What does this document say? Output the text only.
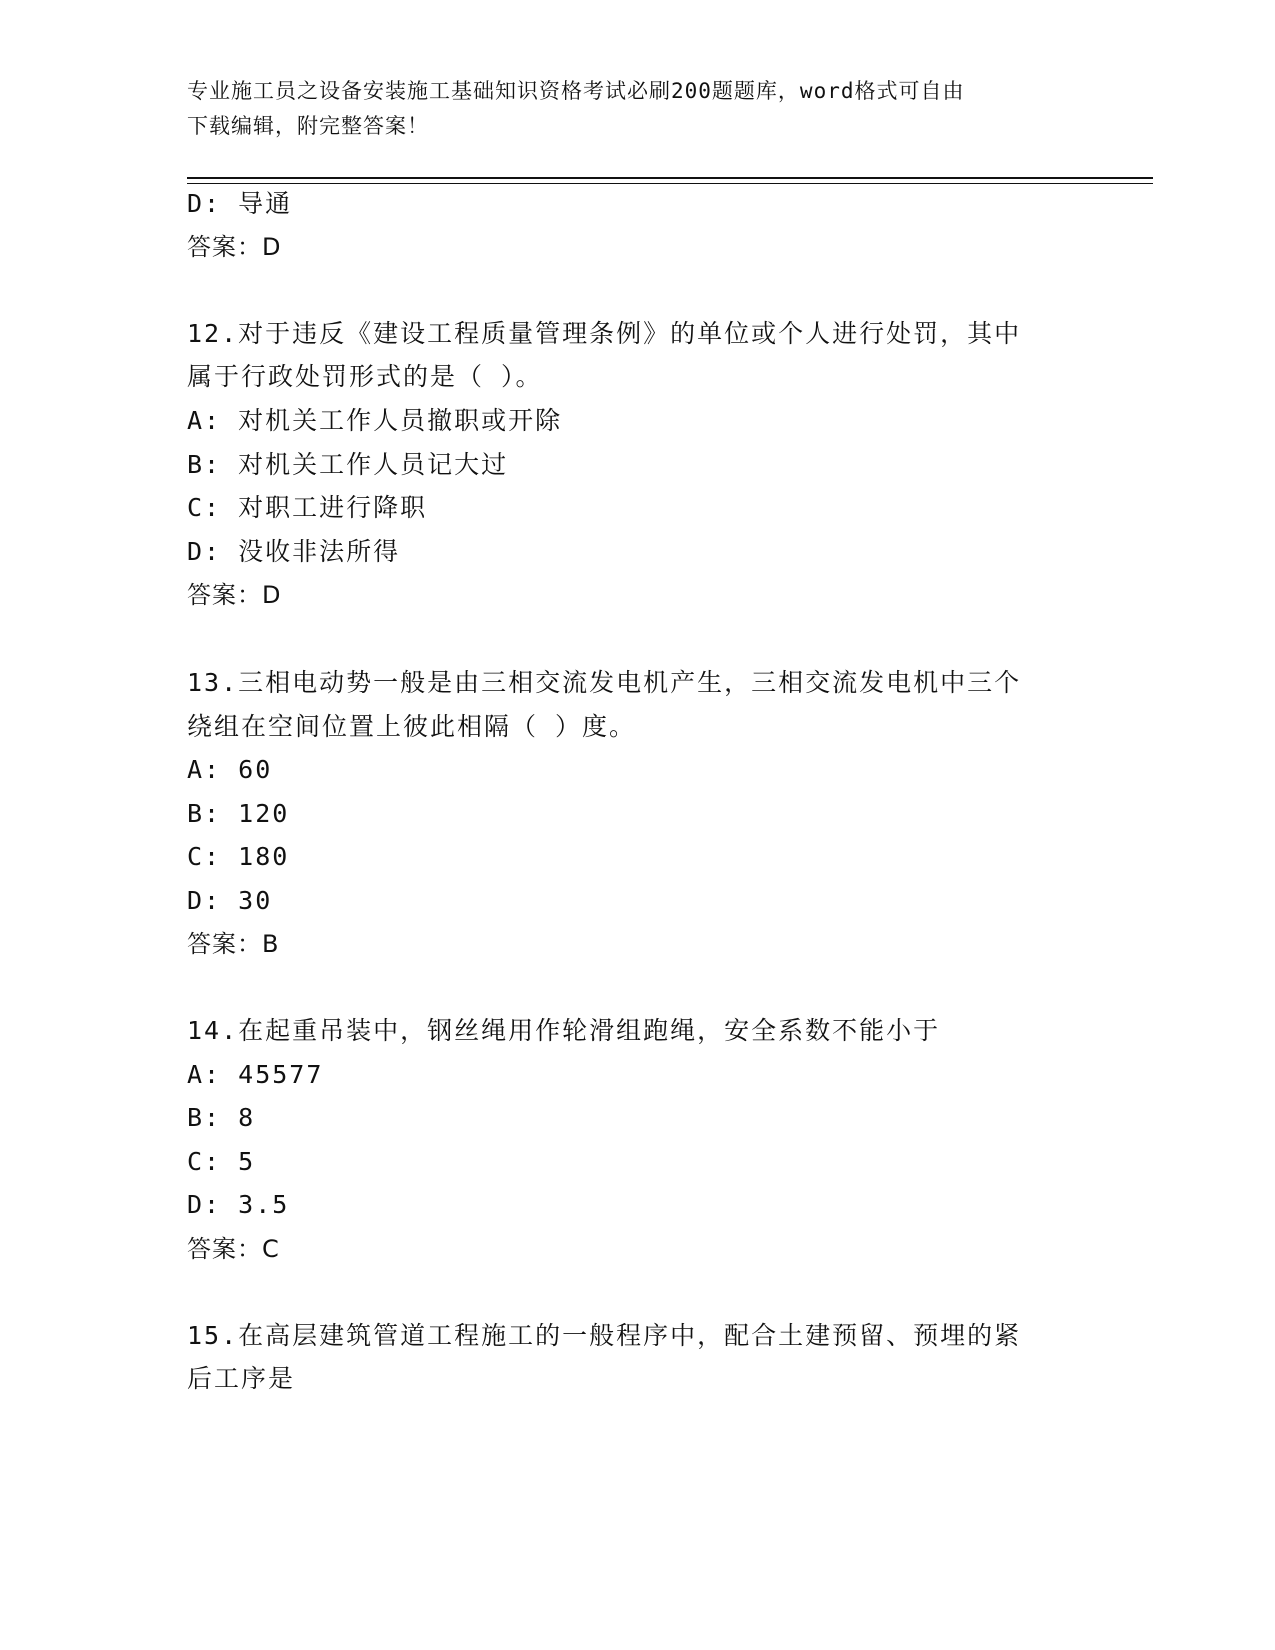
专业施工员之设备安装施工基础知识资格考试必刷200题题库，word格式可自由
下载编辑，附完整答案！
D: 导通
答案：D
12.对于违反《建设工程质量管理条例》的单位或个人进行处罚，其中
属于行政处罚形式的是（ ）。
A: 对机关工作人员撤职或开除
B: 对机关工作人员记大过
C: 对职工进行降职
D: 没收非法所得
答案：D
13.三相电动势一般是由三相交流发电机产生，三相交流发电机中三个
绕组在空间位置上彼此相隔（ ）度。
A: 60
B: 120
C: 180
D: 30
答案：B
14.在起重吊装中，钢丝绳用作轮滑组跑绳，安全系数不能小于
A: 45577
B: 8
C: 5
D: 3.5
答案：C
15.在高层建筑管道工程施工的一般程序中，配合土建预留、预埋的紧
后工序是
